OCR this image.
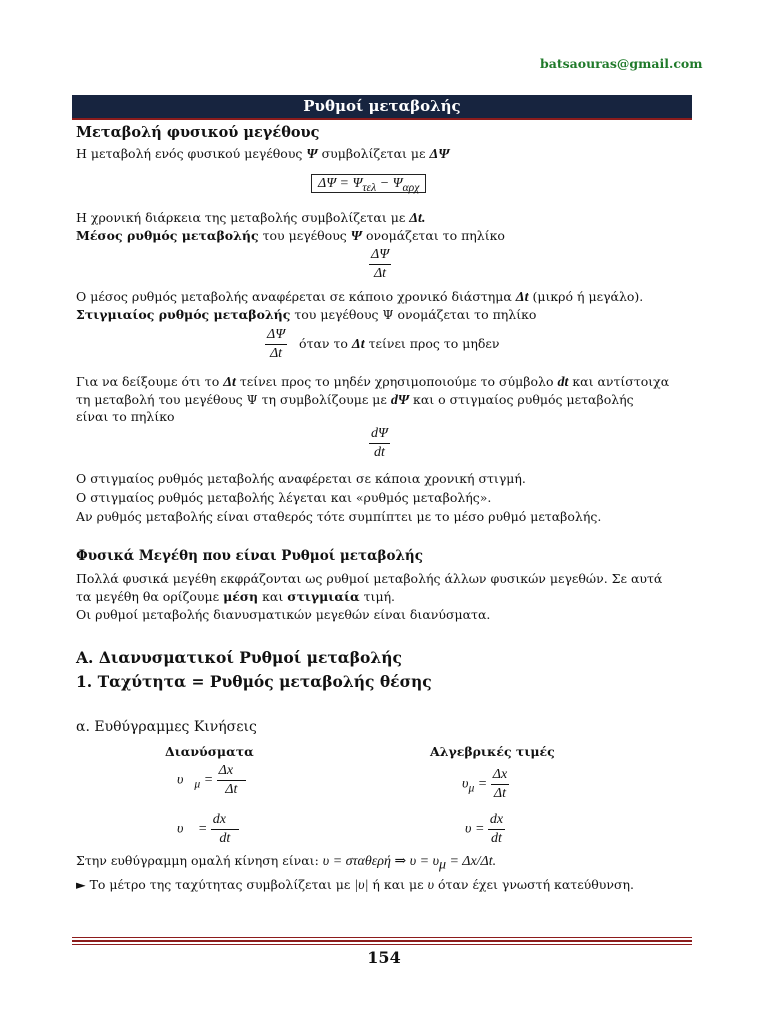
batsaouras@gmail.com
Ρυθμοί μεταβολής
Μεταβολή φυσικού μεγέθους
Η μεταβολή ενός φυσικού μεγέθους Ψ συμβολίζεται με ΔΨ
$\Delta\Psi = \Psi_{\tau\varepsilon\lambda} - \Psi_{\alpha\rho\chi}$
Η χρονική διάρκεια της μεταβολής συμβολίζεται με Δt.
Μέσος ρυθμός μεταβολής του μεγέθους Ψ ονομάζεται το πηλίκο
$\frac{\Delta\Psi}{\Delta t}$
Ο μέσος ρυθμός μεταβολής αναφέρεται σε κάποιο χρονικό διάστημα Δt (μικρό ή μεγάλο).
Στιγμιαίος ρυθμός μεταβολής του μεγέθους Ψ ονομάζεται το πηλίκο
$\frac{\Delta\Psi}{\Delta t}$ όταν το Δt τείνει προς το μηδεν
Για να δείξουμε ότι το Δt τείνει προς το μηδέν χρησιμοποιούμε το σύμβολο dt και αντίστοιχα
τη μεταβολή του μεγέθους Ψ τη συμβολίζουμε με dΨ και ο στιγμαίος ρυθμός μεταβολής
είναι το πηλίκο
$\frac{d\Psi}{dt}$
Ο στιγμαίος ρυθμός μεταβολής αναφέρεται σε κάποια χρονική στιγμή.
Ο στιγμαίος ρυθμός μεταβολής λέγεται και «ρυθμός μεταβολής».
Αν ρυθμός μεταβολής είναι σταθερός τότε συμπίπτει με το μέσο ρυθμό μεταβολής.
Φυσικά Μεγέθη που είναι Ρυθμοί μεταβολής
Πολλά φυσικά μεγέθη εκφράζονται ως ρυθμοί μεταβολής άλλων φυσικών μεγεθών. Σε αυτά
τα μεγέθη θα ορίζουμε μέση και στιγμιαία τιμή.
Οι ρυθμοί μεταβολής διανυσματικών μεγεθών είναι διανύσματα.
Α. Διανυσματικοί Ρυθμοί μεταβολής
1. Ταχύτητα = Ρυθμός μεταβολής θέσης
α. Ευθύγραμμες Κινήσεις
Διανύσματα	Αλγεβρικές τιμές
$\upsilon⃗_\mu = \frac{\Delta x⃗}{\Delta t}$	$\upsilon_\mu = \frac{\Delta x}{\Delta t}$
υ⃗ = $\frac{dx⃗}{dt}$	$\upsilon = \frac{dx}{dt}$
Στην ευθύγραμμη ομαλή κίνηση είναι: υ = σταθερή ⇒ $\upsilon = \upsilon_\mu = \Delta x/\Delta t$.
► Το μέτρο της ταχύτητας συμβολίζεται με |υ| ή και με υ όταν έχει γνωστή κατεύθυνση.
154
